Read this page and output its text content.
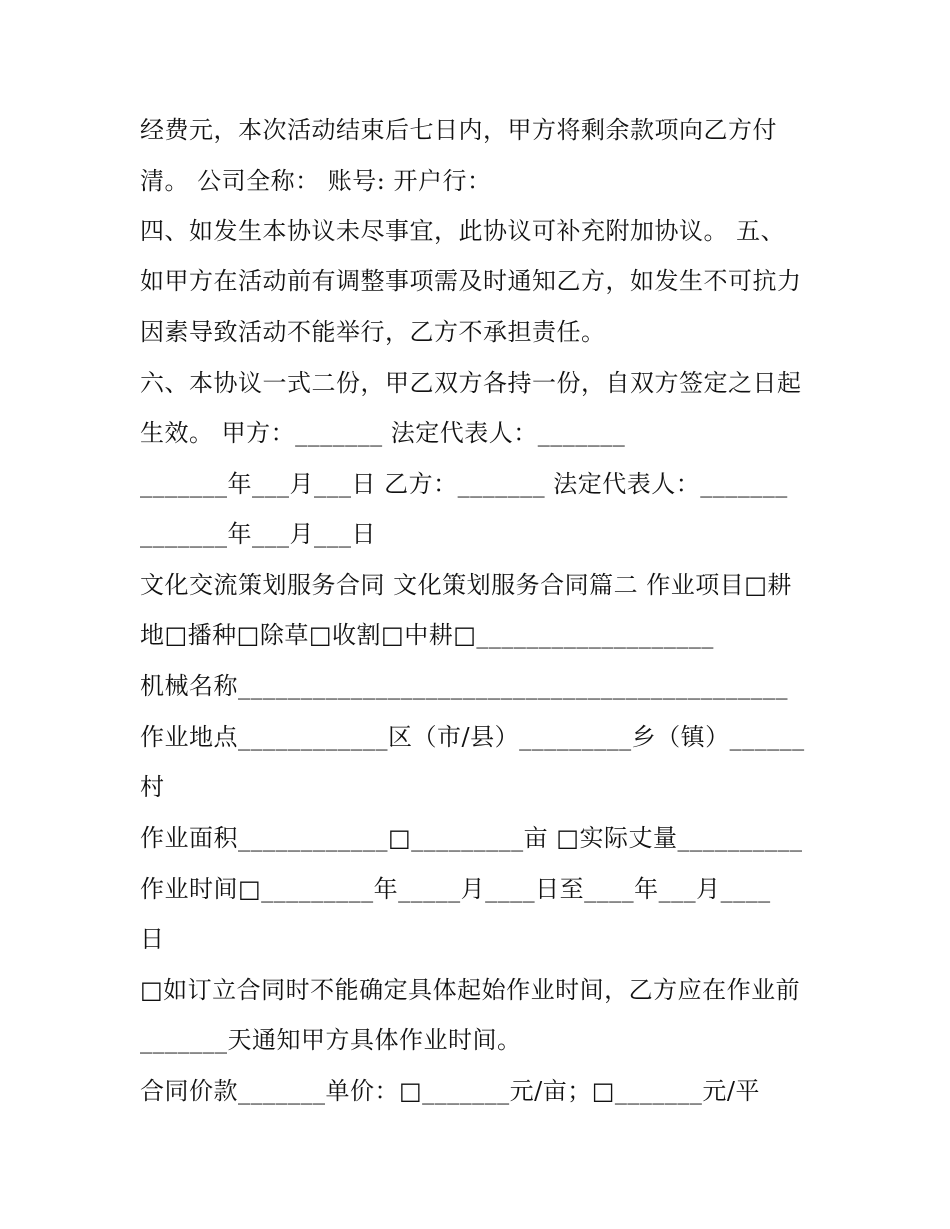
经费元，本次活动结束后七日内，甲方将剩余款项向乙方付
清。 公司全称： 账号: 开户行：
四、如发生本协议未尽事宜，此协议可补充附加协议。 五、
如甲方在活动前有调整事项需及时通知乙方，如发生不可抗力
因素导致活动不能举行，乙方不承担责任。
六、本协议一式二份，甲乙双方各持一份，自双方签定之日起
生效。 甲方：_______ 法定代表人：_______
_______年___月___日 乙方：_______ 法定代表人：_______
_______年___月___日
文化交流策划服务合同 文化策划服务合同篇二 作业项目□耕
地□播种□除草□收割□中耕□___________________
机械名称____________________________________________
作业地点____________区（市/县）_________乡（镇）______
村
作业面积____________□_________亩 □实际丈量__________
作业时间□_________年_____月____日至____年___月____
日
□如订立合同时不能确定具体起始作业时间，乙方应在作业前
_______天通知甲方具体作业时间。
合同价款_______单价：□_______元/亩；□_______元/平
